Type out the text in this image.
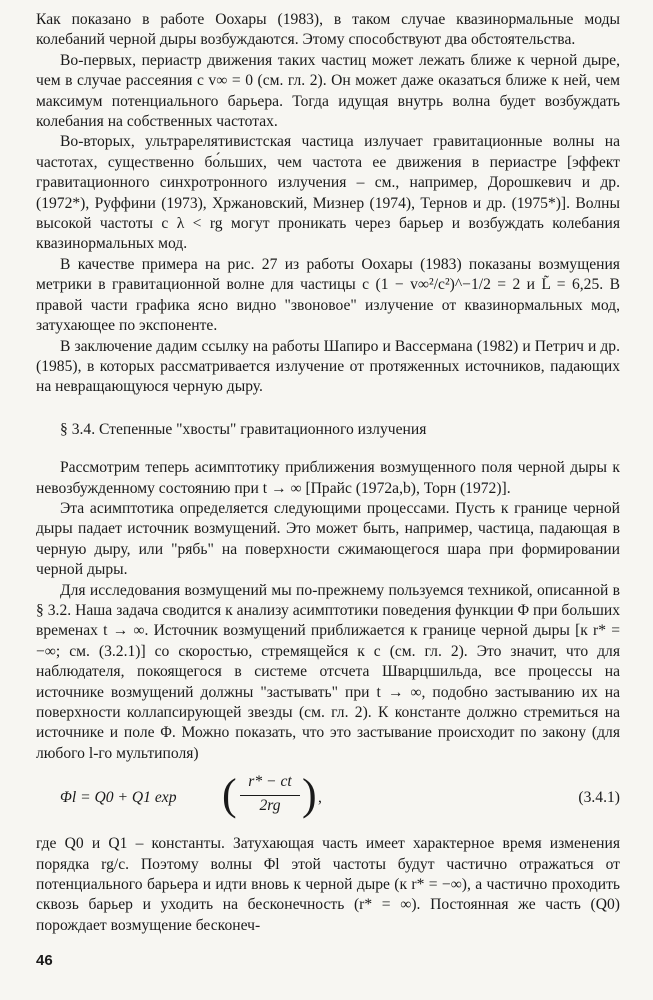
Как показано в работе Оохары (1983), в таком случае квазинормальные моды колебаний черной дыры возбуждаются. Этому способствуют два обстоятельства.

Во-первых, периастр движения таких частиц может лежать ближе к черной дыре, чем в случае рассеяния с v∞ = 0 (см. гл. 2). Он может даже оказаться ближе к ней, чем максимум потенциального барьера. Тогда идущая внутрь волна будет возбуждать колебания на собственных частотах.

Во-вторых, ультрарелятивистская частица излучает гравитационные волны на частотах, существенно бо́льших, чем частота ее движения в периастре [эффект гравитационного синхротронного излучения – см., например, Дорошкевич и др. (1972*), Руффини (1973), Хржановский, Мизнер (1974), Тернов и др. (1975*)]. Волны высокой частоты с λ < rg могут проникать через барьер и возбуждать колебания квазинормальных мод.

В качестве примера на рис. 27 из работы Оохары (1983) показаны возмущения метрики в гравитационной волне для частицы с (1 − v∞²/c²)^−1/2 = 2 и L̃ = 6,25. В правой части графика ясно видно "звоновое" излучение от квазинормальных мод, затухающее по экспоненте.

В заключение дадим ссылку на работы Шапиро и Вассермана (1982) и Петрич и др. (1985), в которых рассматривается излучение от протяженных источников, падающих на невращающуюся черную дыру.

§ 3.4. Степенные "хвосты" гравитационного излучения

Рассмотрим теперь асимптотику приближения возмущенного поля черной дыры к невозбужденному состоянию при t → ∞ [Прайс (1972a,b), Торн (1972)].

Эта асимптотика определяется следующими процессами. Пусть к границе черной дыры падает источник возмущений. Это может быть, например, частица, падающая в черную дыру, или "рябь" на поверхности сжимающегося шара при формировании черной дыры.

Для исследования возмущений мы по-прежнему пользуемся техникой, описанной в § 3.2. Наша задача сводится к анализу асимптотики поведения функции Φ при больших временах t → ∞. Источник возмущений приближается к границе черной дыры [к r* = −∞; см. (3.2.1)] со скоростью, стремящейся к c (см. гл. 2). Это значит, что для наблюдателя, покоящегося в системе отсчета Шварцшильда, все процессы на источнике возмущений должны "застывать" при t → ∞, подобно застыванию их на поверхности коллапсирующей звезды (см. гл. 2). К константе должно стремиться на источнике и поле Φ. Можно показать, что это застывание происходит по закону (для любого l-го мультиполя)

Φl = Q0 + Q1 exp ( $\frac{r* - ct}{2rg}$ ) ,	(3.4.1)

где Q0 и Q1 – константы. Затухающая часть имеет характерное время изменения порядка rg/c. Поэтому волны Φl этой частоты будут частично отражаться от потенциального барьера и идти вновь к черной дыре (к r* = −∞), а частично проходить сквозь барьер и уходить на бесконечность (r* = ∞). Постоянная же часть (Q0) порождает возмущение бесконеч-

46
